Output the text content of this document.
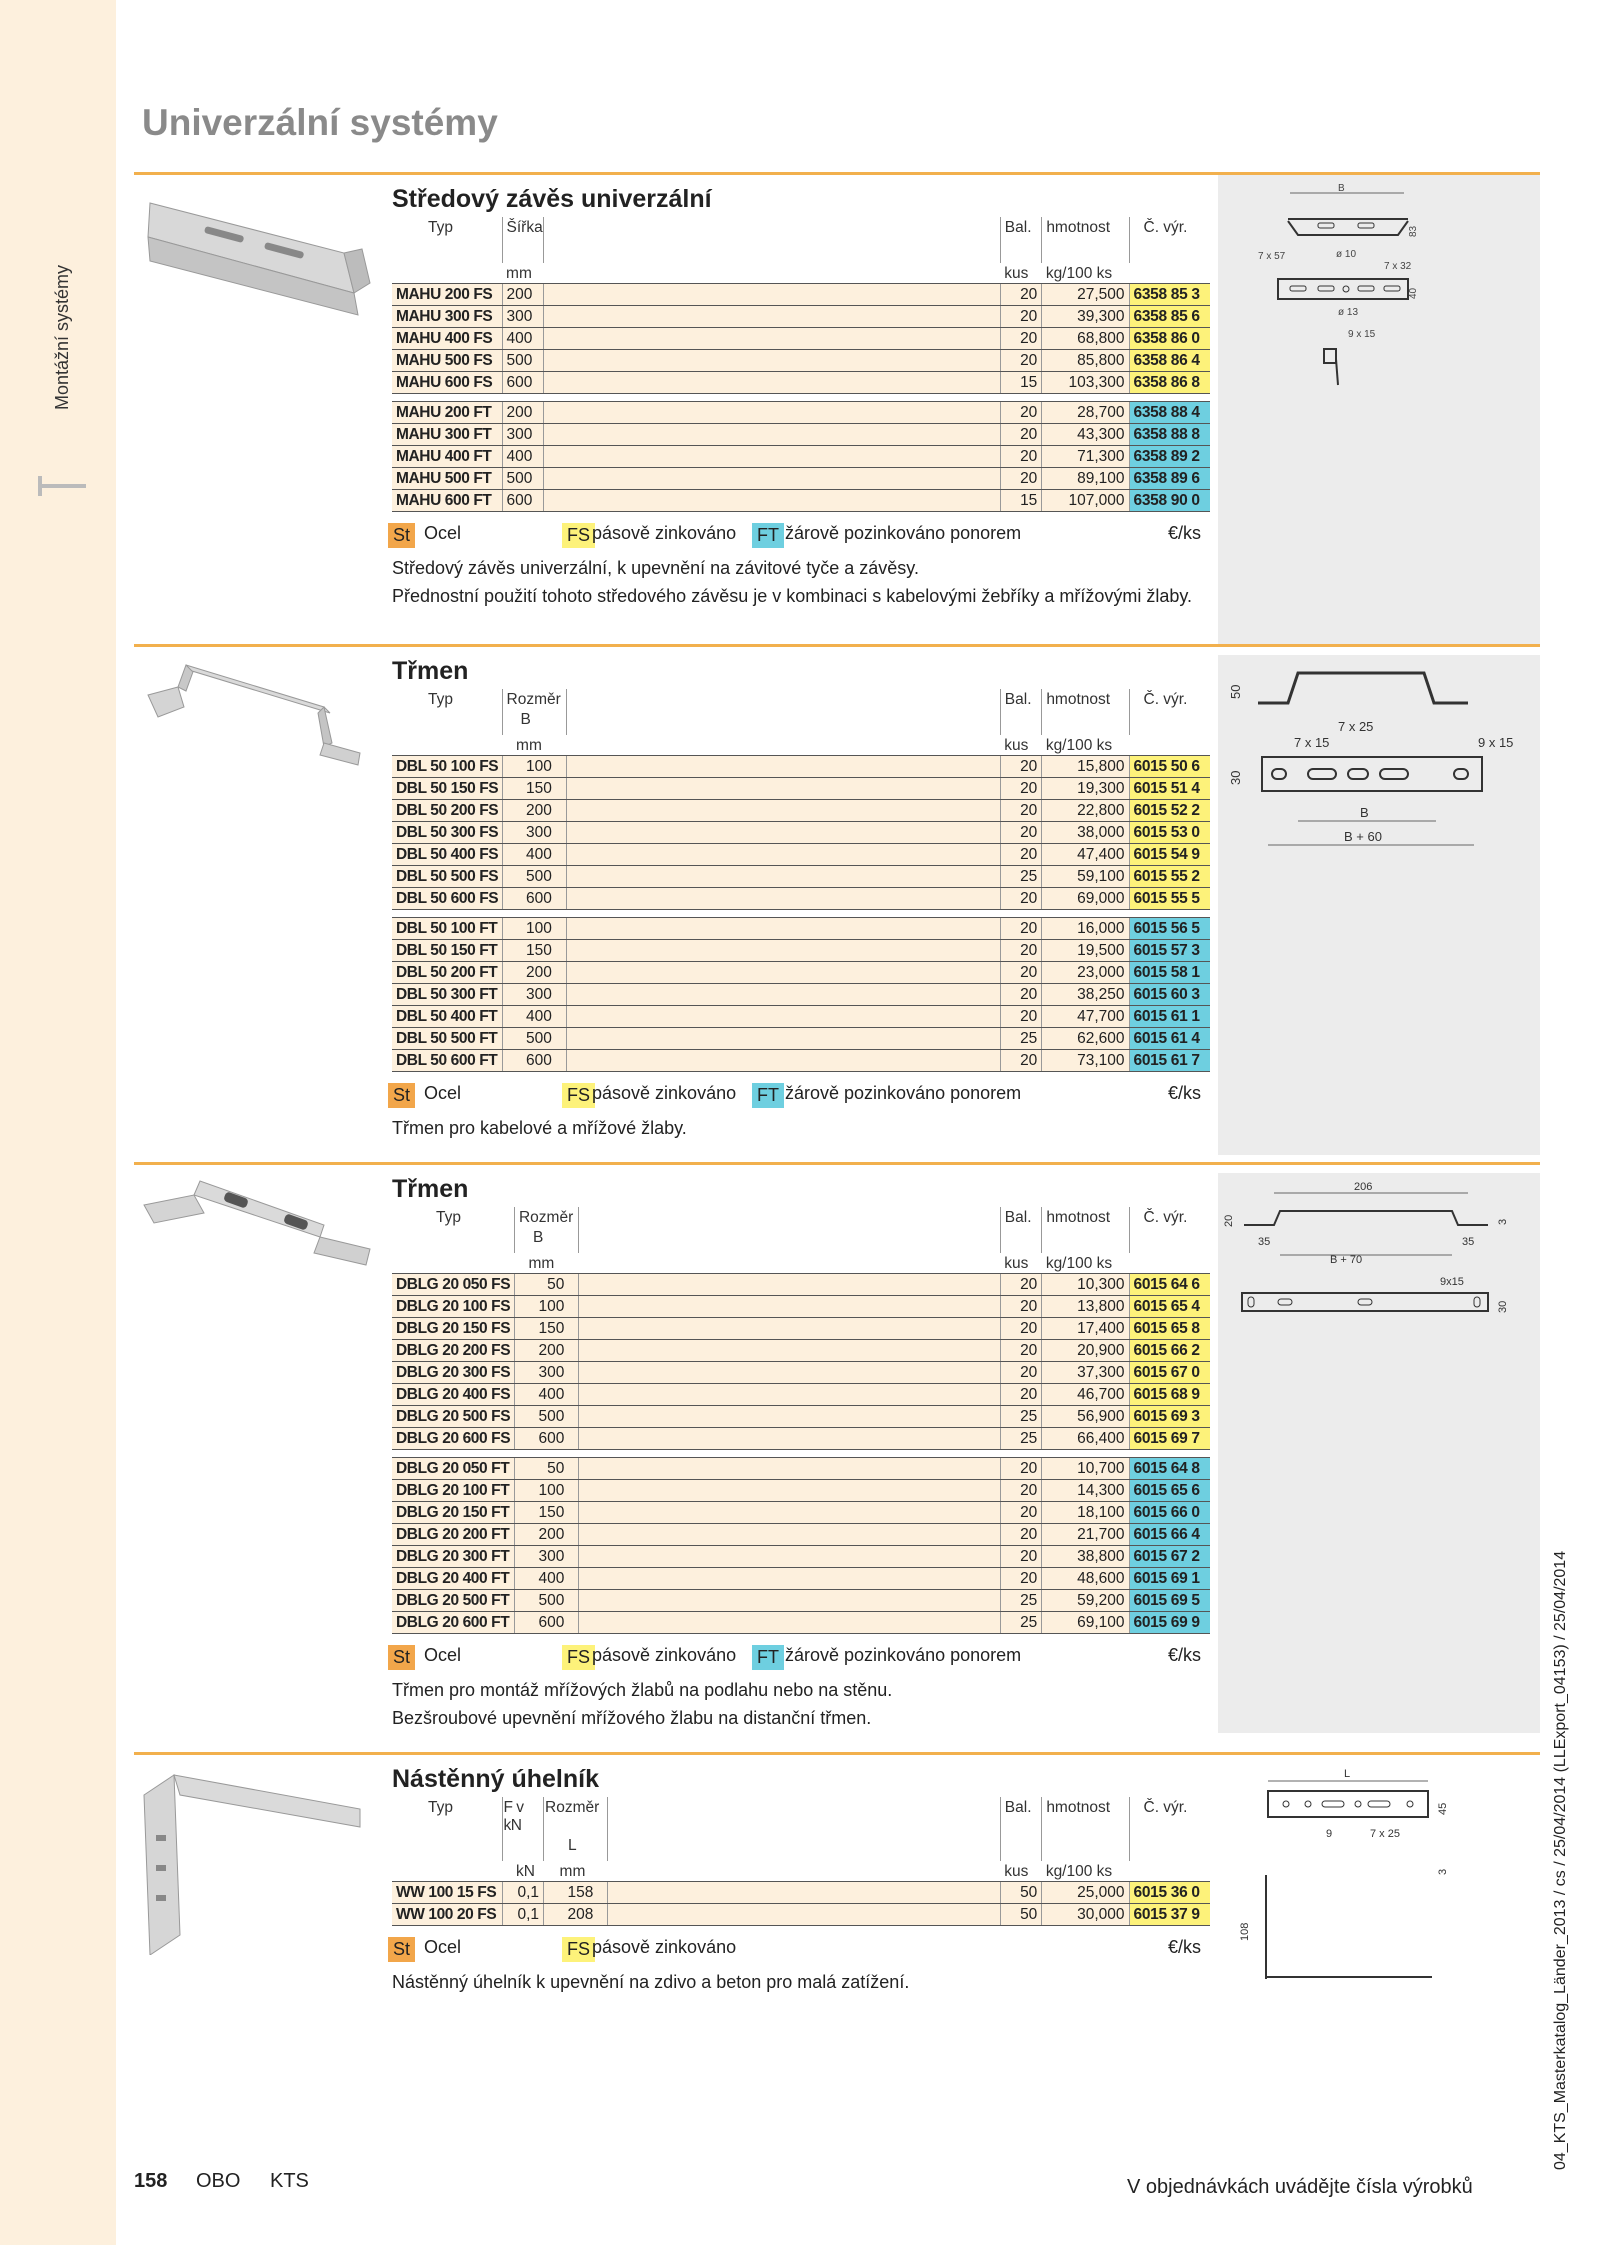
Montážní systémy
Univerzální systémy
Středový závěs univerzální
Typ	Šířka		Bal.	hmotnost	Č. výr.

	mm		kus	kg/100 ks	
MAHU 200 FS	200		20	27,500	6358 85 3
MAHU 300 FS	300		20	39,300	6358 85 6
MAHU 400 FS	400		20	68,800	6358 86 0
MAHU 500 FS	500		20	85,800	6358 86 4
MAHU 600 FS	600		15	103,300	6358 86 8

MAHU 200 FT	200		20	28,700	6358 88 4
MAHU 300 FT	300		20	43,300	6358 88 8
MAHU 400 FT	400		20	71,300	6358 89 2
MAHU 500 FT	500		20	89,100	6358 89 6
MAHU 600 FT	600		15	107,000	6358 90 0
St Ocel	FS pásově zinkováno FT žárově pozinkováno ponorem	€/ks

Středový závěs univerzální, k upevnění na závitové tyče a závěsy.

Přednostní použití tohoto středového závěsu je v kombinaci s kabelovými žebříky a mřížovými žlaby.

B
83
7 x 57	ø 10
7 x 32
40
ø 13
9 x 15
Třmen
Typ	Rozměr		Bal.	hmotnost	Č. výr.
	B				
	mm		kus	kg/100 ks	
DBL 50 100 FS	100		20	15,800	6015 50 6
DBL 50 150 FS	150		20	19,300	6015 51 4
DBL 50 200 FS	200		20	22,800	6015 52 2
DBL 50 300 FS	300		20	38,000	6015 53 0
DBL 50 400 FS	400		20	47,400	6015 54 9
DBL 50 500 FS	500		25	59,100	6015 55 2
DBL 50 600 FS	600		20	69,000	6015 55 5

DBL 50 100 FT	100		20	16,000	6015 56 5
DBL 50 150 FT	150		20	19,500	6015 57 3
DBL 50 200 FT	200		20	23,000	6015 58 1
DBL 50 300 FT	300		20	38,250	6015 60 3
DBL 50 400 FT	400		20	47,700	6015 61 1
DBL 50 500 FT	500		25	62,600	6015 61 4
DBL 50 600 FT	600		20	73,100	6015 61 7
St Ocel	FS pásově zinkováno FT žárově pozinkováno ponorem	€/ks

Třmen pro kabelové a mřížové žlaby.

50
7 x 25
7 x 15	9 x 15
30
B
B + 60
Třmen
Typ	Rozměr		Bal.	hmotnost	Č. výr.
	B				
	mm		kus	kg/100 ks	
DBLG 20 050 FS	50		20	10,300	6015 64 6
DBLG 20 100 FS	100		20	13,800	6015 65 4
DBLG 20 150 FS	150		20	17,400	6015 65 8
DBLG 20 200 FS	200		20	20,900	6015 66 2
DBLG 20 300 FS	300		20	37,300	6015 67 0
DBLG 20 400 FS	400		20	46,700	6015 68 9
DBLG 20 500 FS	500		25	56,900	6015 69 3
DBLG 20 600 FS	600		25	66,400	6015 69 7

DBLG 20 050 FT	50		20	10,700	6015 64 8
DBLG 20 100 FT	100		20	14,300	6015 65 6
DBLG 20 150 FT	150		20	18,100	6015 66 0
DBLG 20 200 FT	200		20	21,700	6015 66 4
DBLG 20 300 FT	300		20	38,800	6015 67 2
DBLG 20 400 FT	400		20	48,600	6015 69 1
DBLG 20 500 FT	500		25	59,200	6015 69 5
DBLG 20 600 FT	600		25	69,100	6015 69 9
St Ocel	FS pásově zinkováno FT žárově pozinkováno ponorem	€/ks

Třmen pro montáž mřížových žlabů na podlahu nebo na stěnu.

Bezšroubové upevnění mřížového žlabu na distanční třmen.

206
20	3
35	35
B + 70
9x15
30
Nástěnný úhelník
Typ	F v kN	Rozměr		Bal.	hmotnost	Č. výr.
		L				
	kN	mm		kus	kg/100 ks	
WW 100 15 FS	0,1	158		50	25,000	6015 36 0
WW 100 20 FS	0,1	208		50	30,000	6015 37 9
St Ocel	FS pásově zinkováno	€/ks

Nástěnný úhelník k upevnění na zdivo a beton pro malá zatížení.

L
45
9	7 x 25
3
108
158 OBO KTS	V objednávkách uvádějte čísla výrobků
04_KTS_Masterkatalog_Länder_2013 / cs / 25/04/2014 (LLExport_04153) / 25/04/2014
